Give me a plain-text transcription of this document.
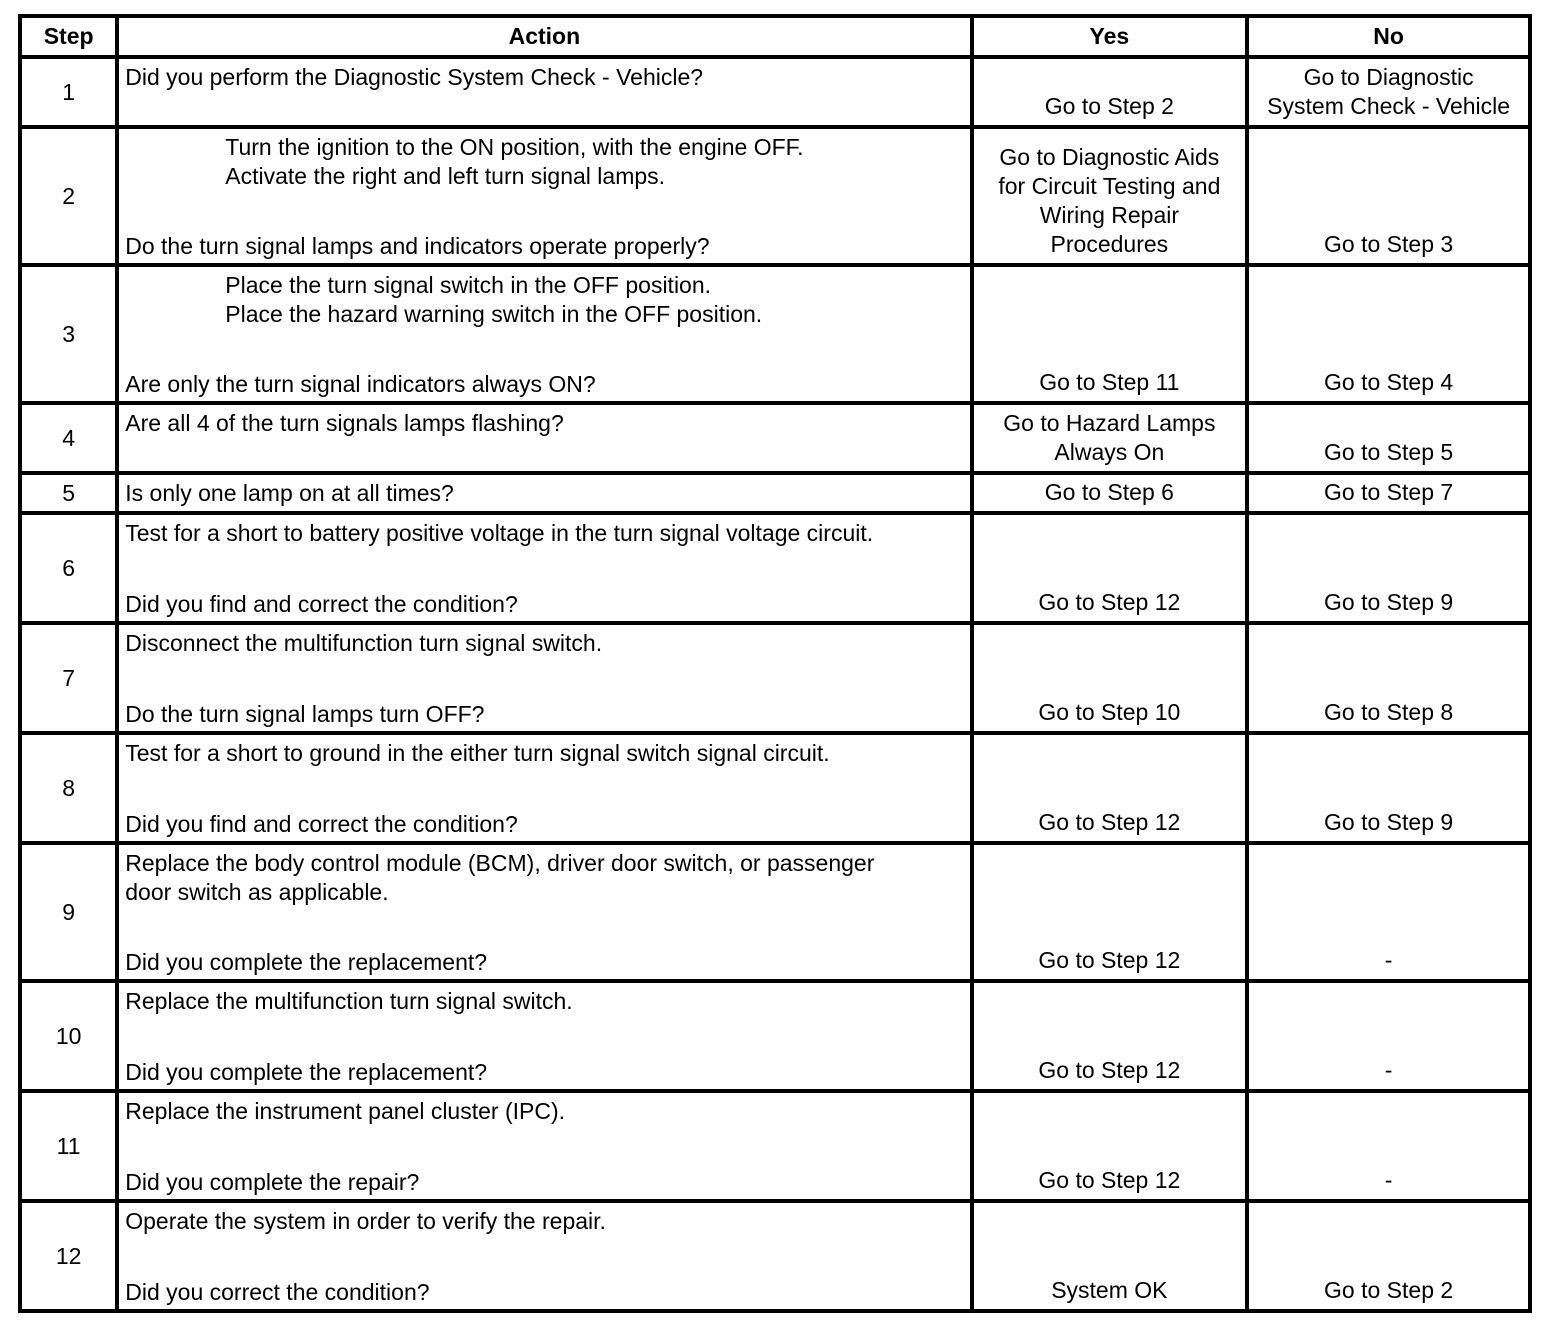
Step	Action	Yes	No
1	Did you perform the Diagnostic System Check - Vehicle?	Go to Step 2	Go to Diagnostic
System Check - Vehicle

2	Turn the ignition to the ON position, with the engine OFF.
Activate the right and left turn signal lamps.
Do the turn signal lamps and indicators operate properly?	Go to Diagnostic Aids
for Circuit Testing and
Wiring Repair
Procedures	Go to Step 3

3	Place the turn signal switch in the OFF position.
Place the hazard warning switch in the OFF position.
Are only the turn signal indicators always ON?	Go to Step 11	Go to Step 4

4	Are all 4 of the turn signals lamps flashing?	Go to Hazard Lamps
Always On	Go to Step 5

5	Is only one lamp on at all times?	Go to Step 6	Go to Step 7

6	Test for a short to battery positive voltage in the turn signal voltage circuit.
Did you find and correct the condition?	Go to Step 12	Go to Step 9

7	Disconnect the multifunction turn signal switch.
Do the turn signal lamps turn OFF?	Go to Step 10	Go to Step 8

8	Test for a short to ground in the either turn signal switch signal circuit.
Did you find and correct the condition?	Go to Step 12	Go to Step 9

9	Replace the body control module (BCM), driver door switch, or passenger
door switch as applicable.
Did you complete the replacement?	Go to Step 12	-

10	Replace the multifunction turn signal switch.
Did you complete the replacement?	Go to Step 12	-

11	Replace the instrument panel cluster (IPC).
Did you complete the repair?	Go to Step 12	-

12	Operate the system in order to verify the repair.
Did you correct the condition?	System OK	Go to Step 2
